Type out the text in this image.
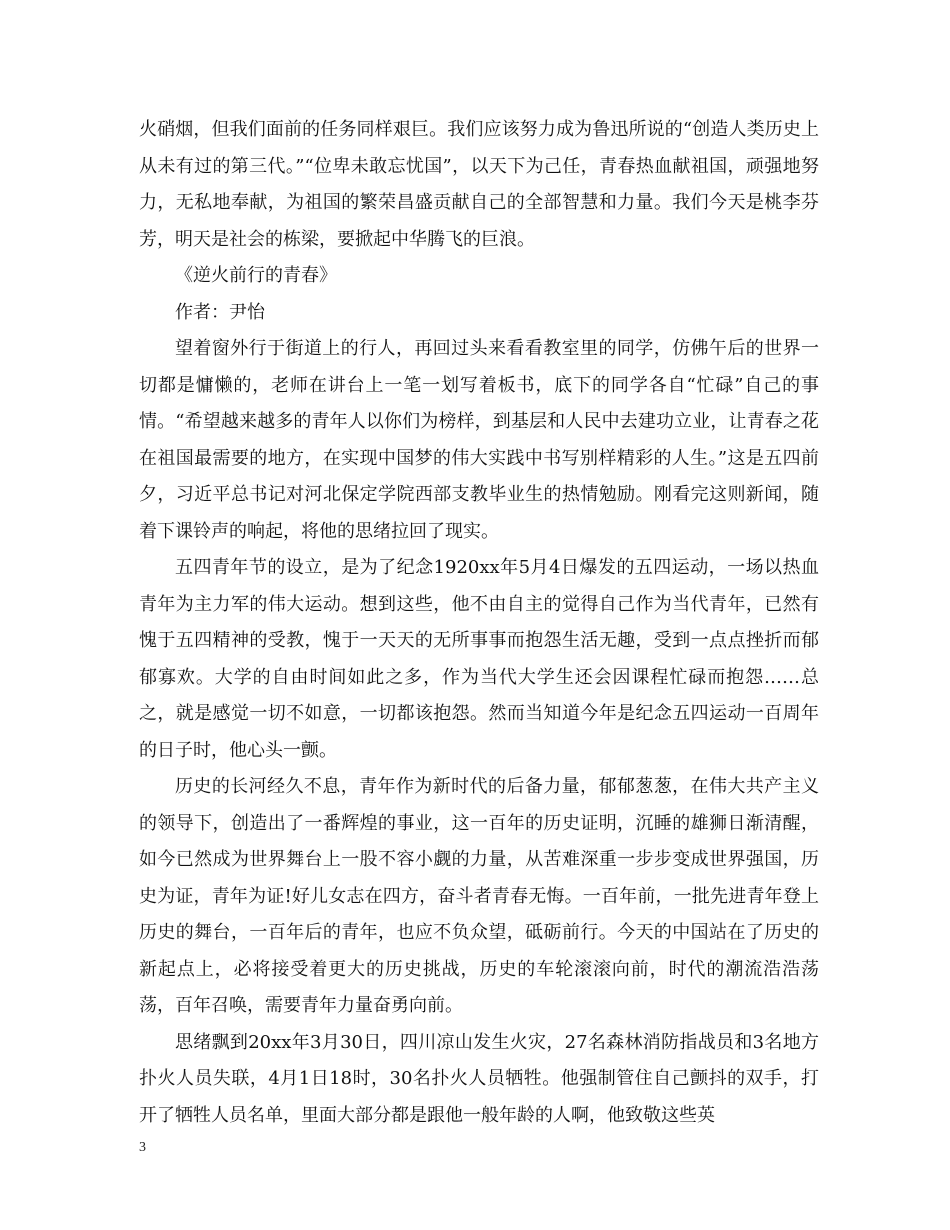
火硝烟，但我们面前的任务同样艰巨。我们应该努力成为鲁迅所说的“创造人类历史上从未有过的第三代。”“位卑未敢忘忧国”，以天下为己任，青春热血献祖国，顽强地努力，无私地奉献，为祖国的繁荣昌盛贡献自己的全部智慧和力量。我们今天是桃李芬芳，明天是社会的栋梁，要掀起中华腾飞的巨浪。

《逆火前行的青春》

作者：尹怡

望着窗外行于街道上的行人，再回过头来看看教室里的同学，仿佛午后的世界一切都是慵懒的，老师在讲台上一笔一划写着板书，底下的同学各自“忙碌”自己的事情。“希望越来越多的青年人以你们为榜样，到基层和人民中去建功立业，让青春之花在祖国最需要的地方，在实现中国梦的伟大实践中书写别样精彩的人生。”这是五四前夕，习近平总书记对河北保定学院西部支教毕业生的热情勉励。刚看完这则新闻，随着下课铃声的响起，将他的思绪拉回了现实。

五四青年节的设立，是为了纪念1920xx年5月4日爆发的五四运动，一场以热血青年为主力军的伟大运动。想到这些，他不由自主的觉得自己作为当代青年，已然有愧于五四精神的受教，愧于一天天的无所事事而抱怨生活无趣，受到一点点挫折而郁郁寡欢。大学的自由时间如此之多，作为当代大学生还会因课程忙碌而抱怨……总之，就是感觉一切不如意，一切都该抱怨。然而当知道今年是纪念五四运动一百周年的日子时，他心头一颤。

历史的长河经久不息，青年作为新时代的后备力量，郁郁葱葱，在伟大共产主义的领导下，创造出了一番辉煌的事业，这一百年的历史证明，沉睡的雄狮日渐清醒，如今已然成为世界舞台上一股不容小觑的力量，从苦难深重一步步变成世界强国，历史为证，青年为证!好儿女志在四方，奋斗者青春无悔。一百年前，一批先进青年登上历史的舞台，一百年后的青年，也应不负众望，砥砺前行。今天的中国站在了历史的新起点上，必将接受着更大的历史挑战，历史的车轮滚滚向前，时代的潮流浩浩荡荡，百年召唤，需要青年力量奋勇向前。

思绪飘到20xx年3月30日，四川凉山发生火灾，27名森林消防指战员和3名地方扑火人员失联，4月1日18时，30名扑火人员牺牲。他强制管住自己颤抖的双手，打开了牺牲人员名单，里面大部分都是跟他一般年龄的人啊，他致敬这些英

3
